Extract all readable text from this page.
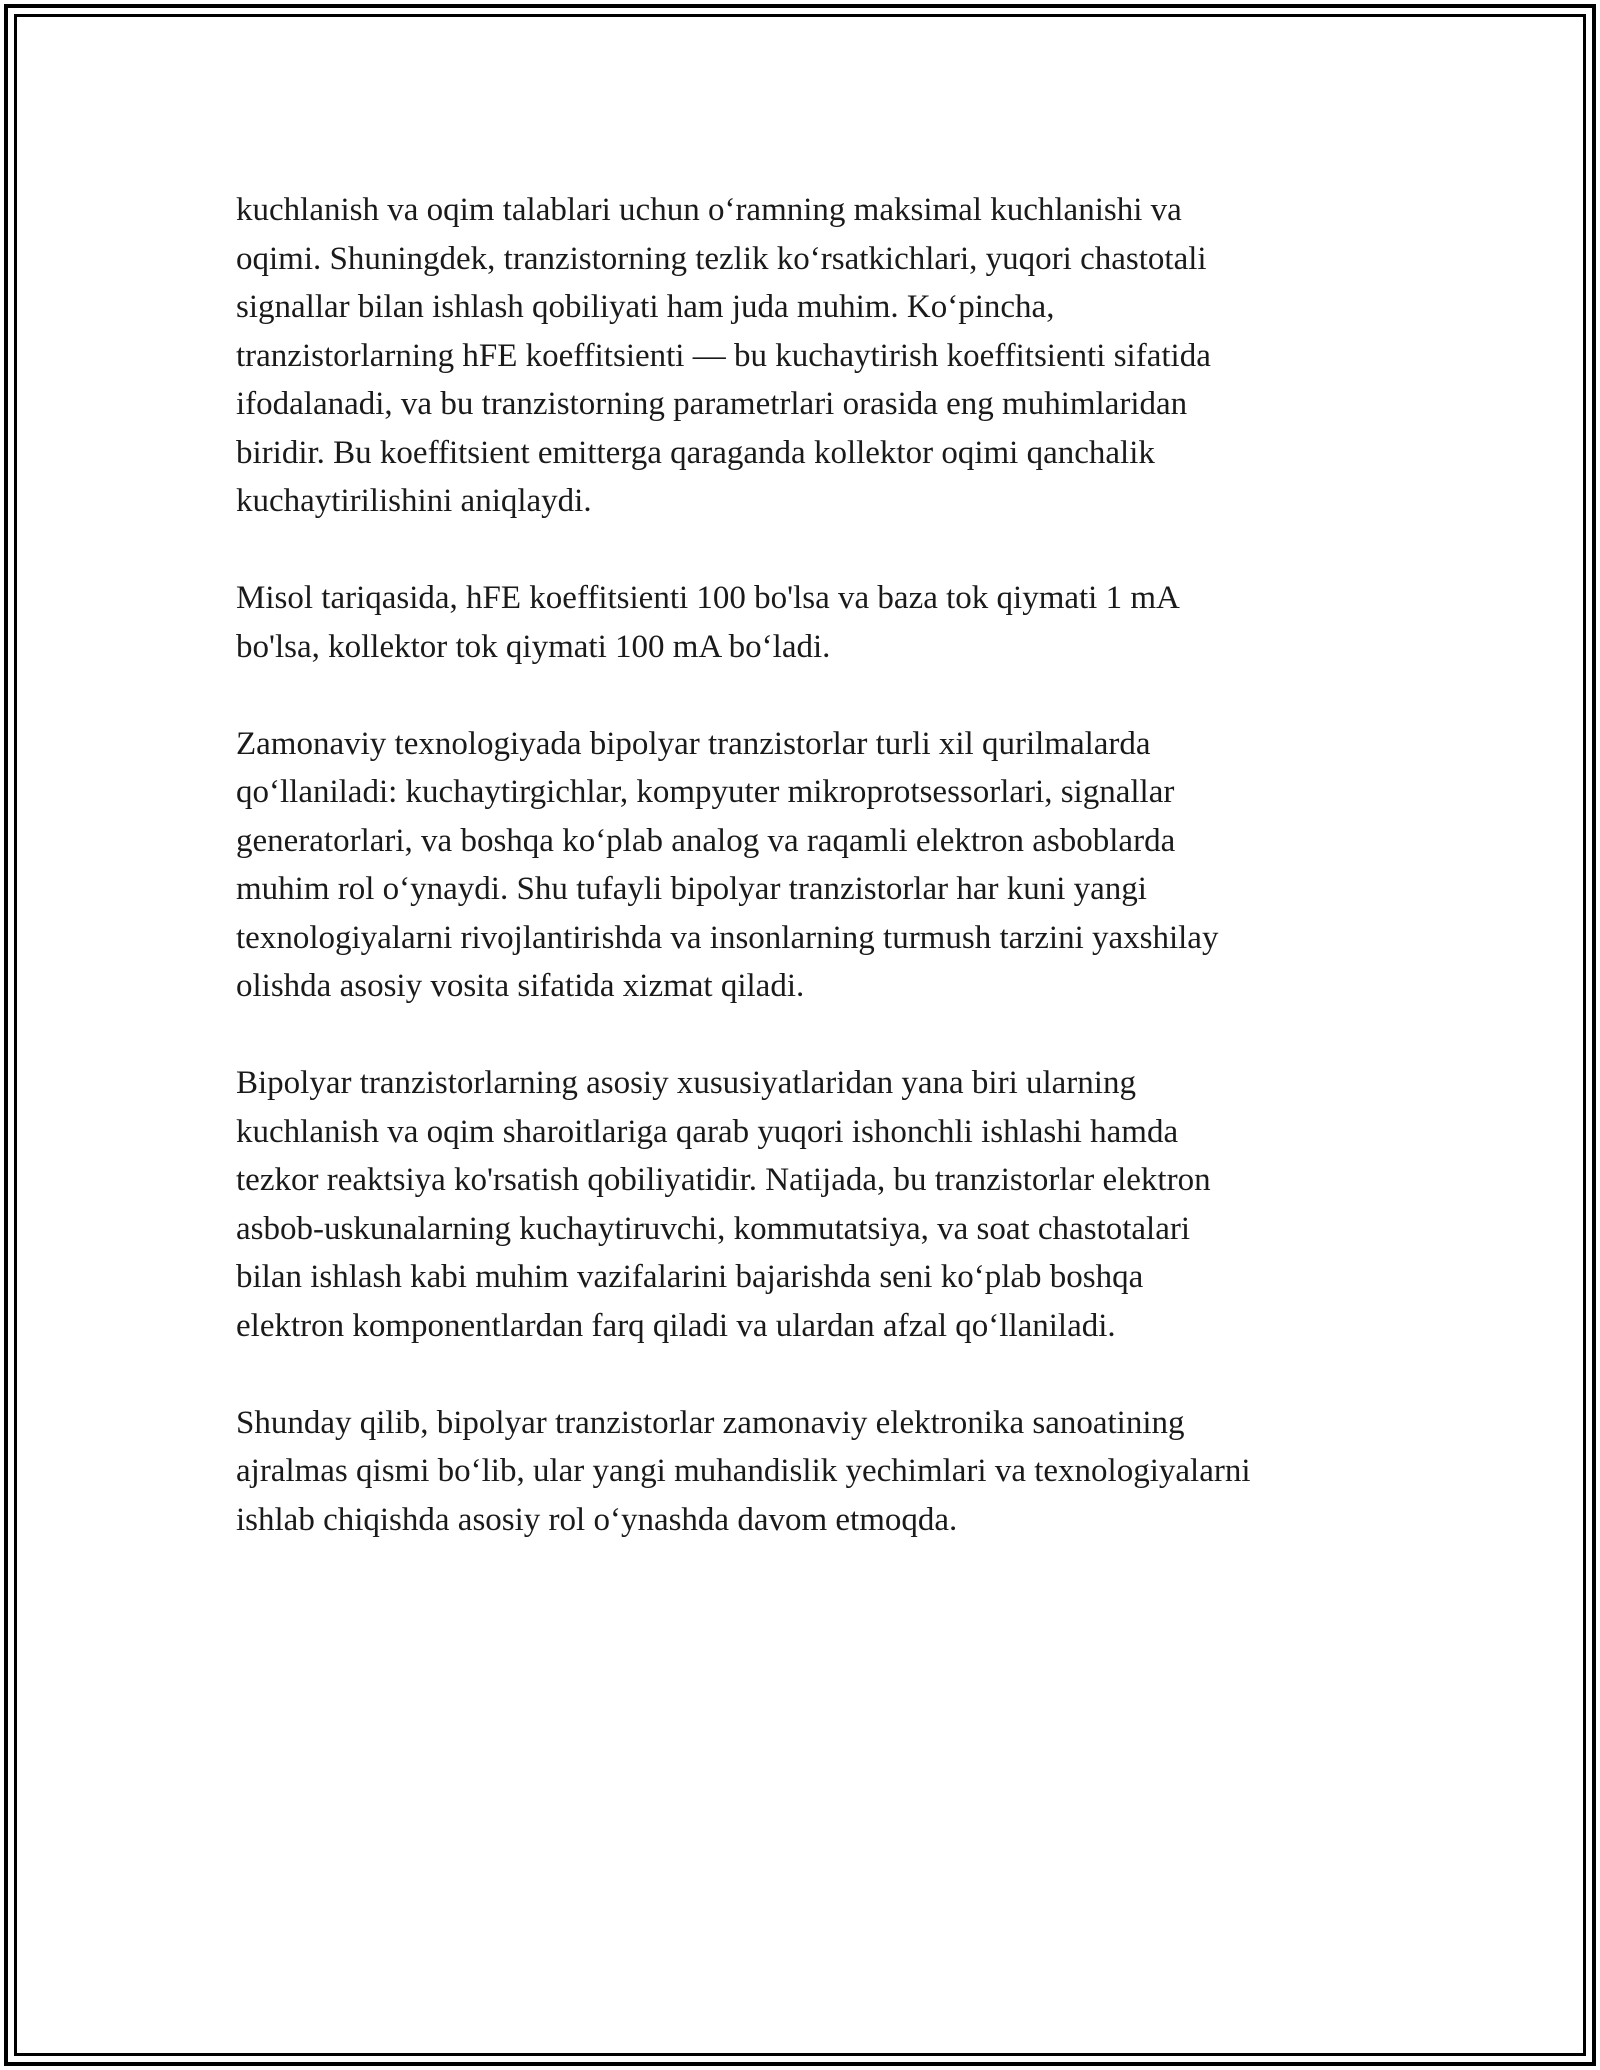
kuchlanish va oqim talablari uchun o‘ramning maksimal kuchlanishi va
oqimi. Shuningdek, tranzistorning tezlik ko‘rsatkichlari, yuqori chastotali
signallar bilan ishlash qobiliyati ham juda muhim. Ko‘pincha,
tranzistorlarning hFE koeffitsienti — bu kuchaytirish koeffitsienti sifatida
ifodalanadi, va bu tranzistorning parametrlari orasida eng muhimlaridan
biridir. Bu koeffitsient emitterga qaraganda kollektor oqimi qanchalik
kuchaytirilishini aniqlaydi.

Misol tariqasida, hFE koeffitsienti 100 bo'lsa va baza tok qiymati 1 mA
bo'lsa, kollektor tok qiymati 100 mA bo‘ladi.

Zamonaviy texnologiyada bipolyar tranzistorlar turli xil qurilmalarda
qo‘llaniladi: kuchaytirgichlar, kompyuter mikroprotsessorlari, signallar
generatorlari, va boshqa ko‘plab analog va raqamli elektron asboblarda
muhim rol o‘ynaydi. Shu tufayli bipolyar tranzistorlar har kuni yangi
texnologiyalarni rivojlantirishda va insonlarning turmush tarzini yaxshilay
olishda asosiy vosita sifatida xizmat qiladi.

Bipolyar tranzistorlarning asosiy xususiyatlaridan yana biri ularning
kuchlanish va oqim sharoitlariga qarab yuqori ishonchli ishlashi hamda
tezkor reaktsiya ko'rsatish qobiliyatidir. Natijada, bu tranzistorlar elektron
asbob-uskunalarning kuchaytiruvchi, kommutatsiya, va soat chastotalari
bilan ishlash kabi muhim vazifalarini bajarishda seni ko‘plab boshqa
elektron komponentlardan farq qiladi va ulardan afzal qo‘llaniladi.

Shunday qilib, bipolyar tranzistorlar zamonaviy elektronika sanoatining
ajralmas qismi bo‘lib, ular yangi muhandislik yechimlari va texnologiyalarni
ishlab chiqishda asosiy rol o‘ynashda davom etmoqda.
